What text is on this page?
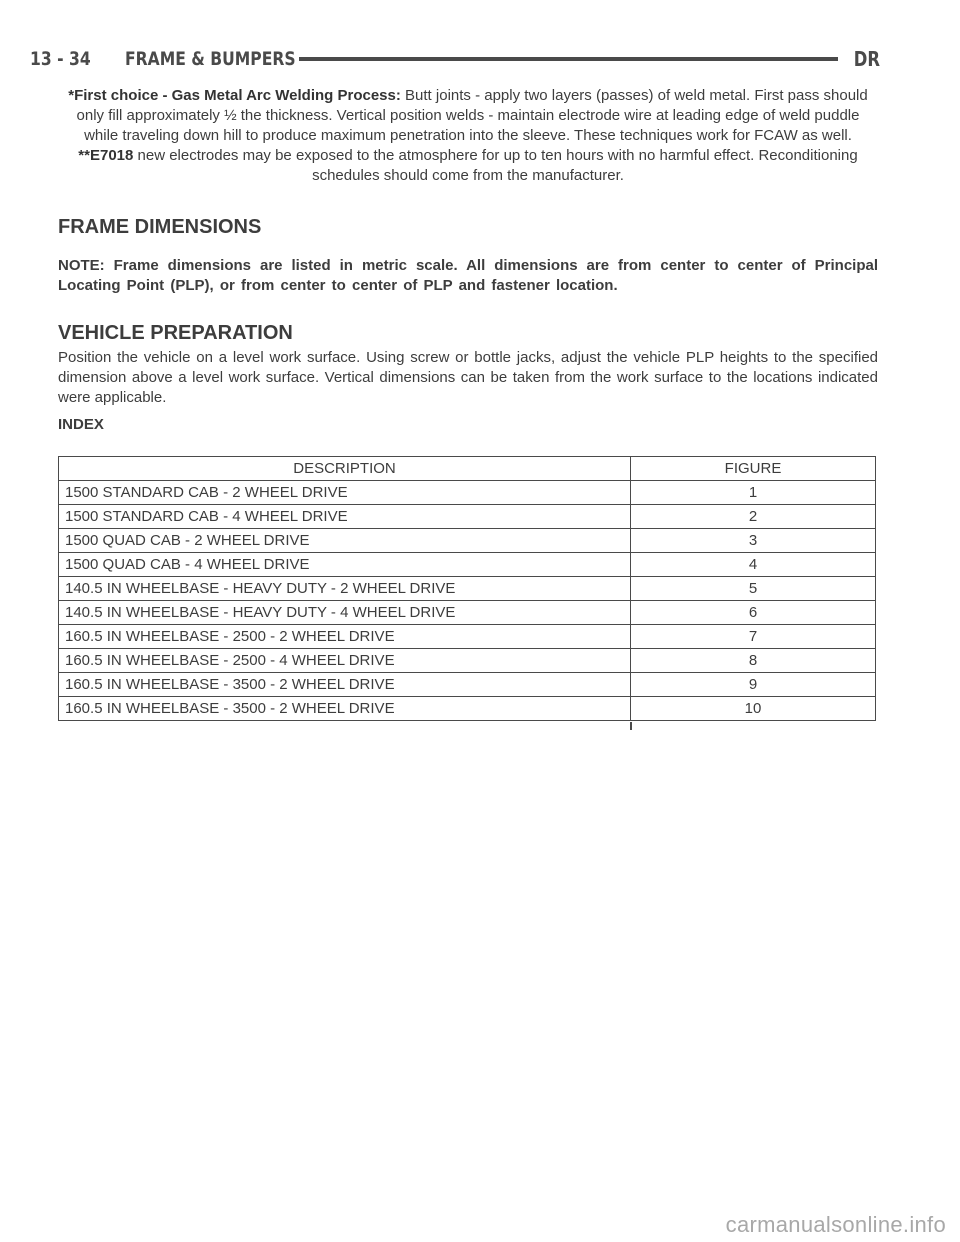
13 - 34	FRAME & BUMPERS	DR

*First choice - Gas Metal Arc Welding Process: Butt joints - apply two layers (passes) of weld metal. First pass should only fill approximately ½ the thickness. Vertical position welds - maintain electrode wire at leading edge of weld puddle while traveling down hill to produce maximum penetration into the sleeve. These techniques work for FCAW as well.

**E7018 new electrodes may be exposed to the atmosphere for up to ten hours with no harmful effect. Reconditioning schedules should come from the manufacturer.

FRAME DIMENSIONS
NOTE: Frame dimensions are listed in metric scale. All dimensions are from center to center of Principal Locating Point (PLP), or from center to center of PLP and fastener location.
VEHICLE PREPARATION
Position the vehicle on a level work surface. Using screw or bottle jacks, adjust the vehicle PLP heights to the specified dimension above a level work surface. Vertical dimensions can be taken from the work surface to the locations indicated were applicable.
INDEX
DESCRIPTION	FIGURE
1500 STANDARD CAB - 2 WHEEL DRIVE	1
1500 STANDARD CAB - 4 WHEEL DRIVE	2
1500 QUAD CAB - 2 WHEEL DRIVE	3
1500 QUAD CAB - 4 WHEEL DRIVE	4
140.5 IN WHEELBASE - HEAVY DUTY - 2 WHEEL DRIVE	5
140.5 IN WHEELBASE - HEAVY DUTY - 4 WHEEL DRIVE	6
160.5 IN WHEELBASE - 2500 - 2 WHEEL DRIVE	7
160.5 IN WHEELBASE - 2500 - 4 WHEEL DRIVE	8
160.5 IN WHEELBASE - 3500 - 2 WHEEL DRIVE	9
160.5 IN WHEELBASE - 3500 - 2 WHEEL DRIVE	10
carmanualsonline.info
